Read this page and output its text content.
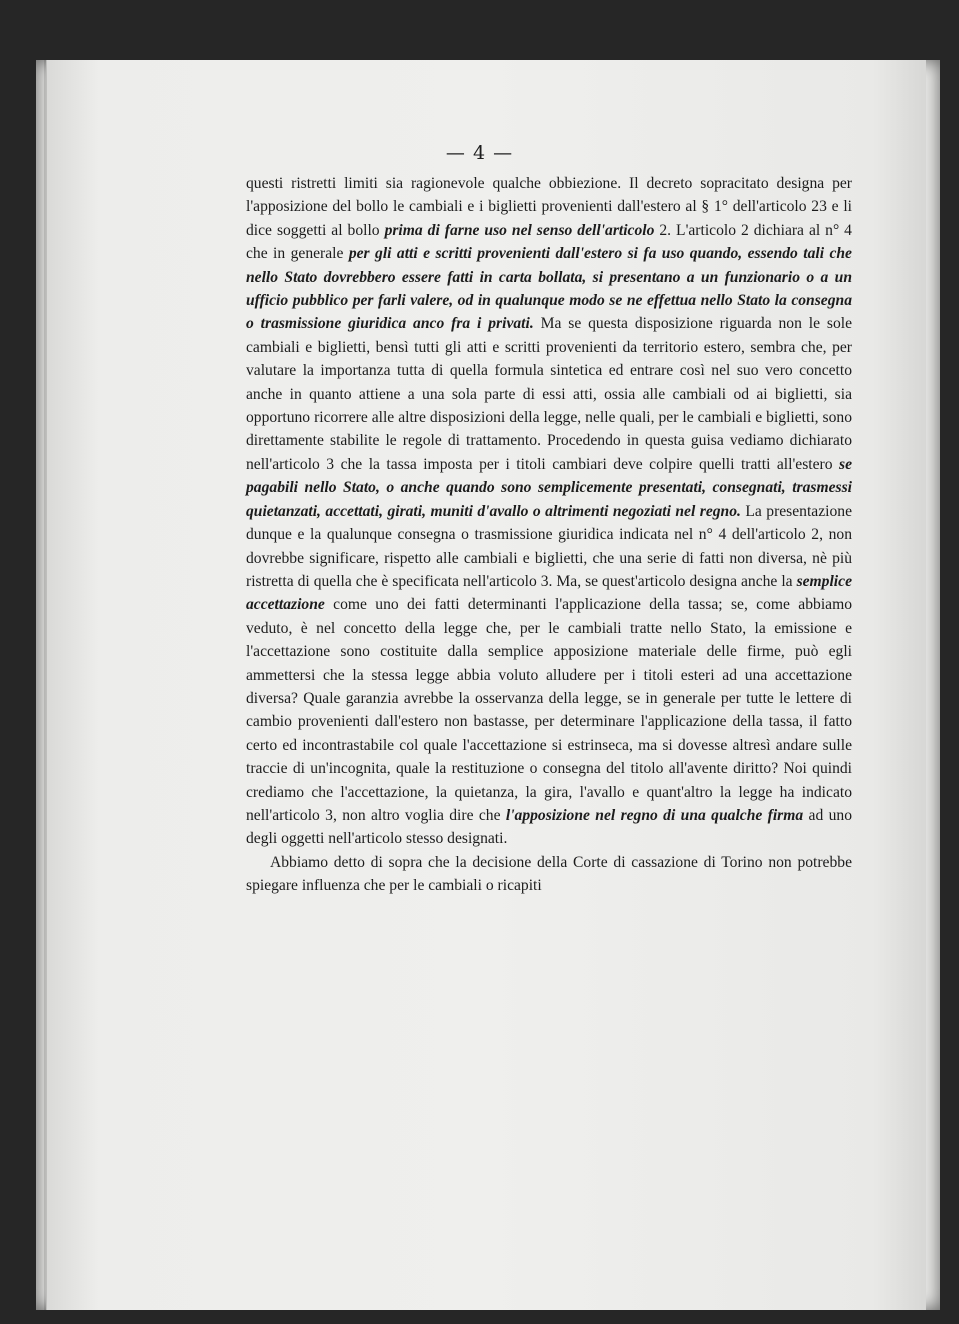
— 4 —

questi ristretti limiti sia ragionevole qualche obbiezione. Il decreto sopracitato designa per l'apposizione del bollo le cambiali e i biglietti provenienti dall'estero al § 1° dell'articolo 23 e li dice soggetti al bollo prima di farne uso nel senso dell'articolo 2. L'articolo 2 dichiara al n° 4 che in generale per gli atti e scritti provenienti dall'estero si fa uso quando, essendo tali che nello Stato dovrebbero essere fatti in carta bollata, si presentano a un funzionario o a un ufficio pubblico per farli valere, od in qualunque modo se ne effettua nello Stato la consegna o trasmissione giuridica anco fra i privati. Ma se questa disposizione riguarda non le sole cambiali e biglietti, bensì tutti gli atti e scritti provenienti da territorio estero, sembra che, per valutare la importanza tutta di quella formula sintetica ed entrare così nel suo vero concetto anche in quanto attiene a una sola parte di essi atti, ossia alle cambiali od ai biglietti, sia opportuno ricorrere alle altre disposizioni della legge, nelle quali, per le cambiali e biglietti, sono direttamente stabilite le regole di trattamento. Procedendo in questa guisa vediamo dichiarato nell'articolo 3 che la tassa imposta per i titoli cambiari deve colpire quelli tratti all'estero se pagabili nello Stato, o anche quando sono semplicemente presentati, consegnati, trasmessi quietanzati, accettati, girati, muniti d'avallo o altrimenti negoziati nel regno. La presentazione dunque e la qualunque consegna o trasmissione giuridica indicata nel n° 4 dell'articolo 2, non dovrebbe significare, rispetto alle cambiali e biglietti, che una serie di fatti non diversa, nè più ristretta di quella che è specificata nell'articolo 3. Ma, se quest'articolo designa anche la semplice accettazione come uno dei fatti determinanti l'applicazione della tassa; se, come abbiamo veduto, è nel concetto della legge che, per le cambiali tratte nello Stato, la emissione e l'accettazione sono costituite dalla semplice apposizione materiale delle firme, può egli ammettersi che la stessa legge abbia voluto alludere per i titoli esteri ad una accettazione diversa? Quale garanzia avrebbe la osservanza della legge, se in generale per tutte le lettere di cambio provenienti dall'estero non bastasse, per determinare l'applicazione della tassa, il fatto certo ed incontrastabile col quale l'accettazione si estrinseca, ma si dovesse altresì andare sulle traccie di un'incognita, quale la restituzione o consegna del titolo all'avente diritto? Noi quindi crediamo che l'accettazione, la quietanza, la gira, l'avallo e quant'altro la legge ha indicato nell'articolo 3, non altro voglia dire che l'apposizione nel regno di una qualche firma ad uno degli oggetti nell'articolo stesso designati.

Abbiamo detto di sopra che la decisione della Corte di cassazione di Torino non potrebbe spiegare influenza che per le cambiali o ricapiti
